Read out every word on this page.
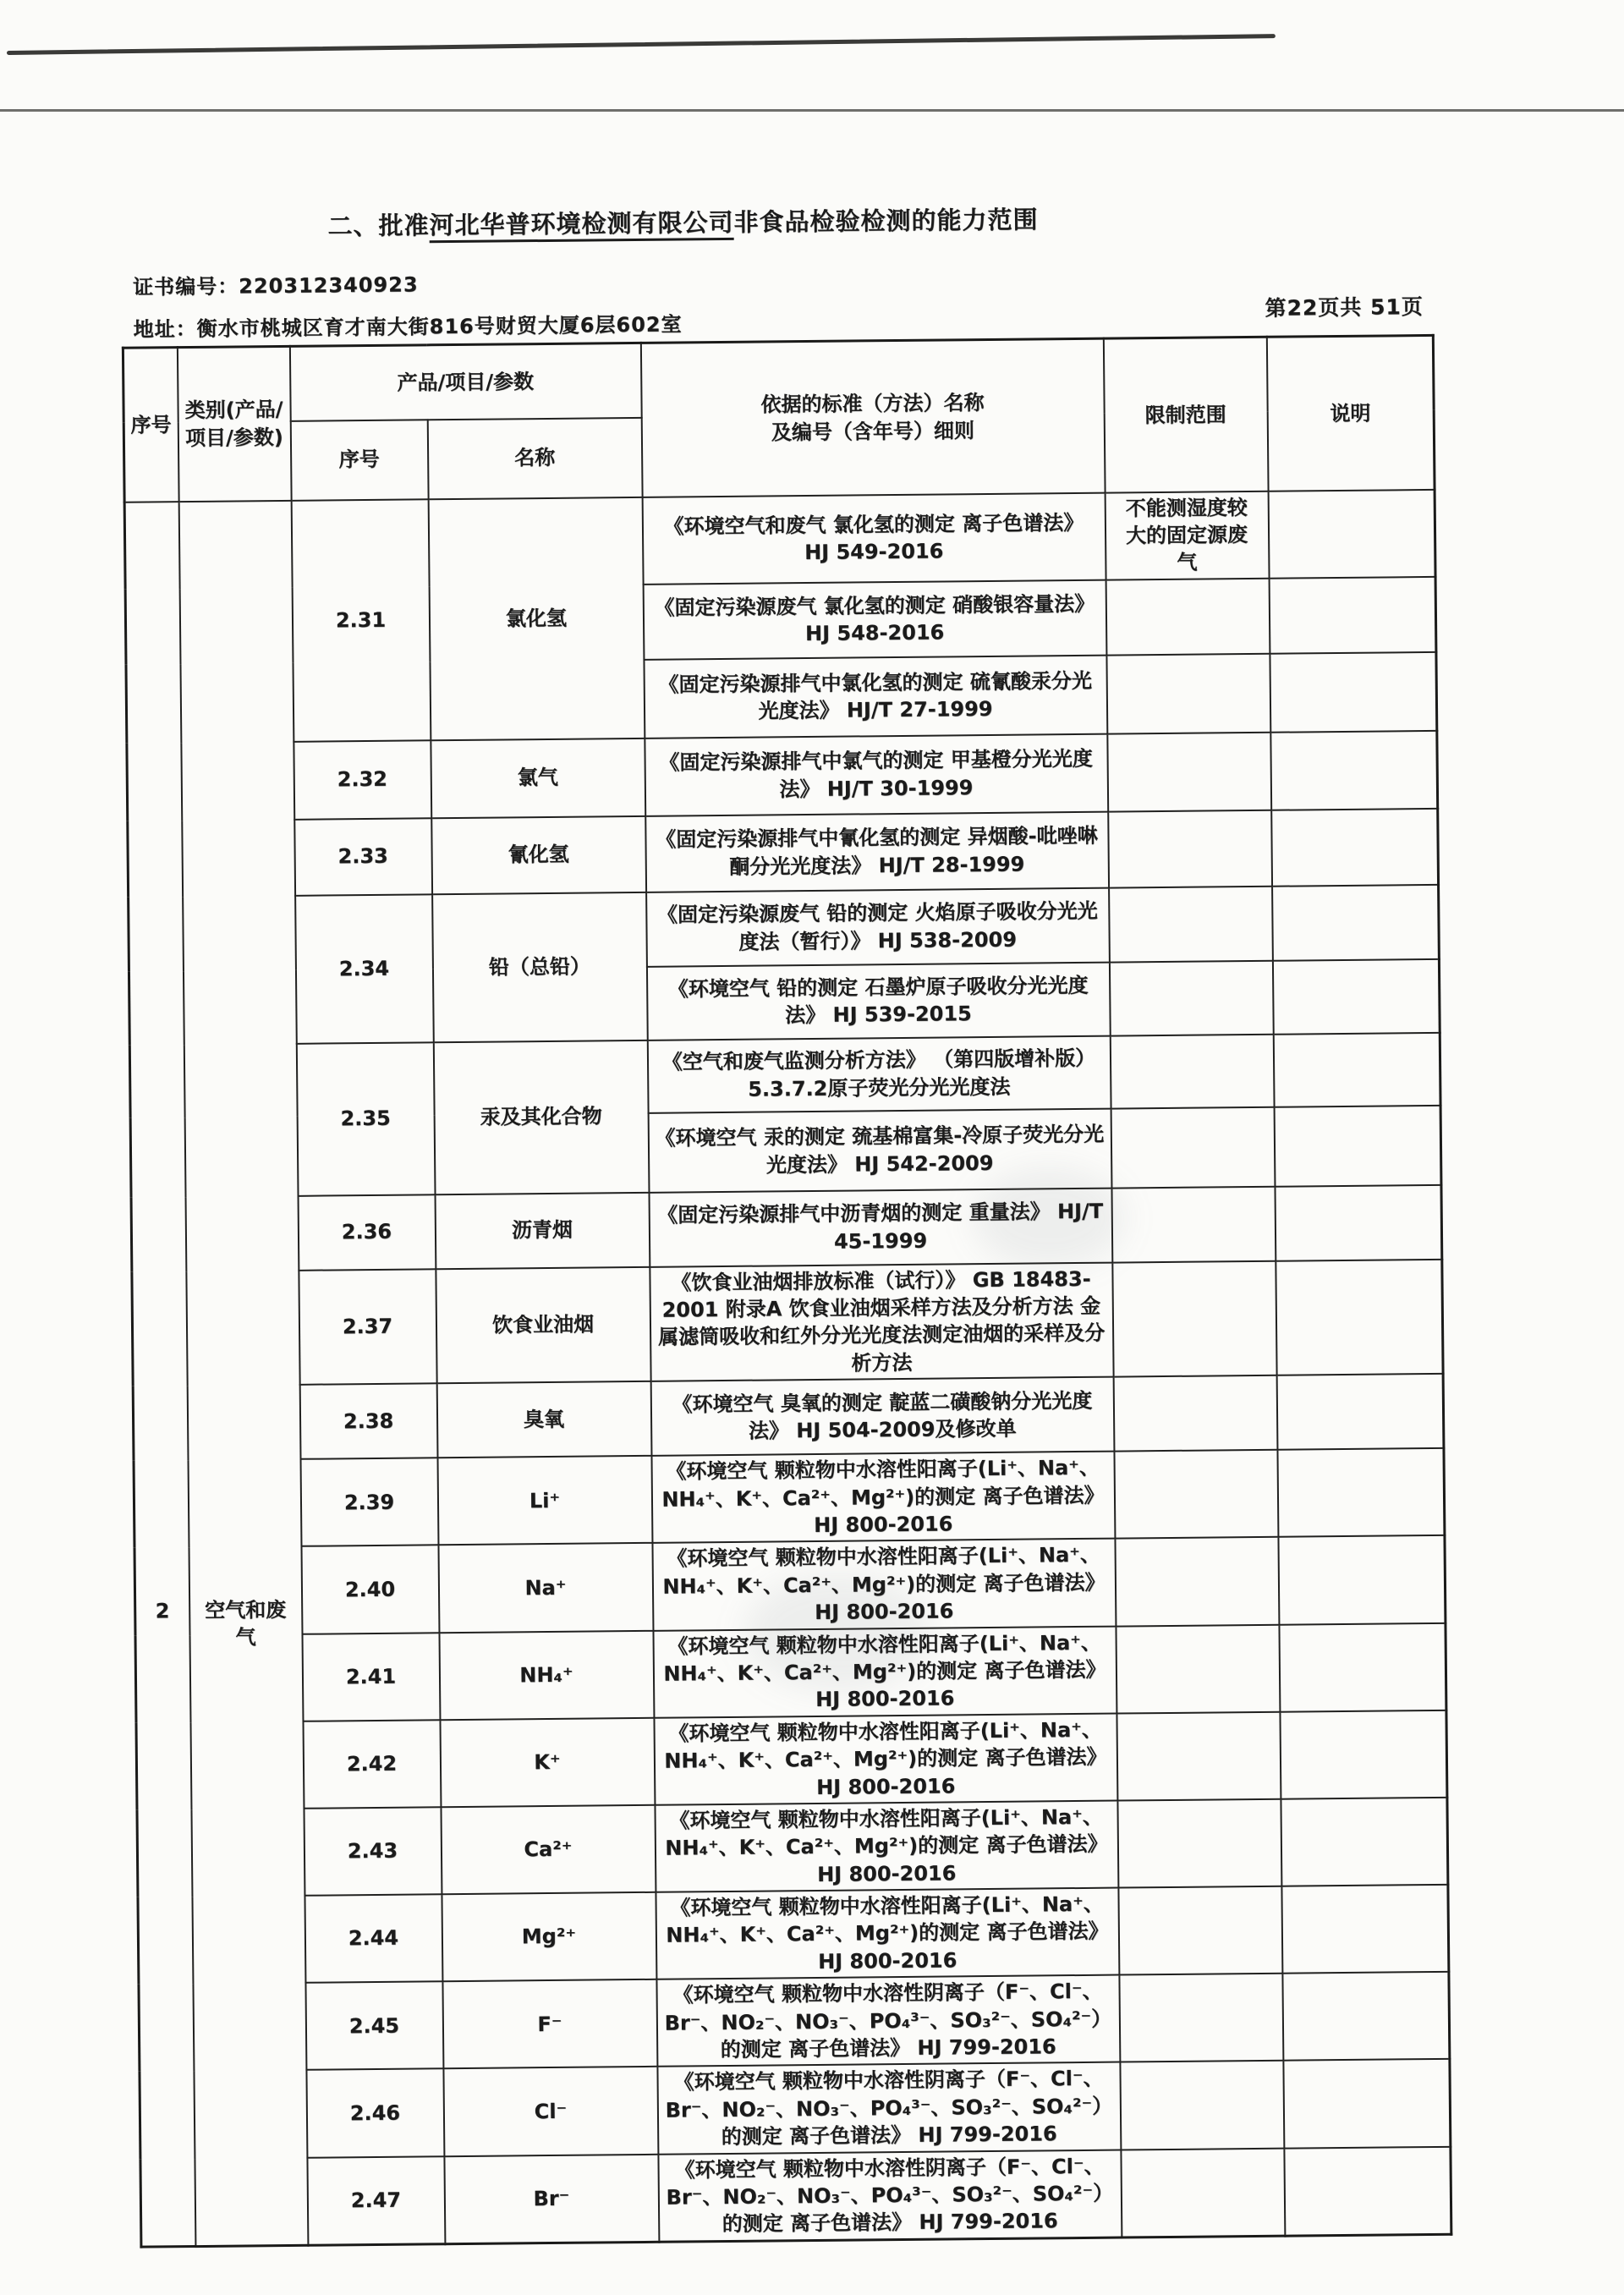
二、批准河北华普环境检测有限公司非食品检验检测的能力范围
证书编号：220312340923
地址：衡水市桃城区育才南大街816号财贸大厦6层602室
第22页共 51页
序号	类别(产品/项目/参数)	产品/项目/参数		依据的标准（方法）名称
及编号（含年号）细则	限制范围	说明
		序号	名称			

2	空气和废气	2.31	氯化氢	《环境空气和废气 氯化氢的测定 离子色谱法》 HJ 549-2016	不能测湿度较大的固定源废气	
				《固定污染源废气 氯化氢的测定 硝酸银容量法》 HJ 548-2016		
				《固定污染源排气中氯化氢的测定 硫氰酸汞分光光度法》 HJ/T 27-1999		
		2.32	氯气	《固定污染源排气中氯气的测定 甲基橙分光光度法》 HJ/T 30-1999		
		2.33	氰化氢	《固定污染源排气中氰化氢的测定 异烟酸-吡唑啉酮分光光度法》 HJ/T 28-1999		
		2.34	铅（总铅）	《固定污染源废气 铅的测定 火焰原子吸收分光光度法（暂行）》 HJ 538-2009		
				《环境空气 铅的测定 石墨炉原子吸收分光光度法》 HJ 539-2015		
		2.35	汞及其化合物	《空气和废气监测分析方法》 （第四版增补版） 5.3.7.2原子荧光分光光度法		
				《环境空气 汞的测定 巯基棉富集-冷原子荧光分光光度法》 HJ 542-2009		
		2.36	沥青烟	《固定污染源排气中沥青烟的测定 重量法》 HJ/T 45-1999		
		2.37	饮食业油烟	《饮食业油烟排放标准（试行）》 GB 18483-2001 附录A 饮食业油烟采样方法及分析方法 金属滤筒吸收和红外分光光度法测定油烟的采样及分析方法		
		2.38	臭氧	《环境空气 臭氧的测定 靛蓝二磺酸钠分光光度法》 HJ 504-2009及修改单		
		2.39	Li⁺	《环境空气 颗粒物中水溶性阳离子(Li⁺、Na⁺、NH₄⁺、K⁺、Ca²⁺、Mg²⁺)的测定 离子色谱法》 HJ 800-2016		
		2.40	Na⁺	《环境空气 颗粒物中水溶性阳离子(Li⁺、Na⁺、NH₄⁺、K⁺、Ca²⁺、Mg²⁺)的测定 离子色谱法》 HJ 800-2016		
		2.41	NH₄⁺	《环境空气 颗粒物中水溶性阳离子(Li⁺、Na⁺、NH₄⁺、K⁺、Ca²⁺、Mg²⁺)的测定 离子色谱法》 HJ 800-2016		
		2.42	K⁺	《环境空气 颗粒物中水溶性阳离子(Li⁺、Na⁺、NH₄⁺、K⁺、Ca²⁺、Mg²⁺)的测定 离子色谱法》 HJ 800-2016		
		2.43	Ca²⁺	《环境空气 颗粒物中水溶性阳离子(Li⁺、Na⁺、NH₄⁺、K⁺、Ca²⁺、Mg²⁺)的测定 离子色谱法》 HJ 800-2016		
		2.44	Mg²⁺	《环境空气 颗粒物中水溶性阳离子(Li⁺、Na⁺、NH₄⁺、K⁺、Ca²⁺、Mg²⁺)的测定 离子色谱法》 HJ 800-2016		
		2.45	F⁻	《环境空气 颗粒物中水溶性阴离子（F⁻、Cl⁻、Br⁻、NO₂⁻、NO₃⁻、PO₄³⁻、SO₃²⁻、SO₄²⁻）的测定 离子色谱法》 HJ 799-2016		
		2.46	Cl⁻	《环境空气 颗粒物中水溶性阴离子（F⁻、Cl⁻、Br⁻、NO₂⁻、NO₃⁻、PO₄³⁻、SO₃²⁻、SO₄²⁻）的测定 离子色谱法》 HJ 799-2016		
		2.47	Br⁻	《环境空气 颗粒物中水溶性阴离子（F⁻、Cl⁻、Br⁻、NO₂⁻、NO₃⁻、PO₄³⁻、SO₃²⁻、SO₄²⁻）的测定 离子色谱法》 HJ 799-2016		
